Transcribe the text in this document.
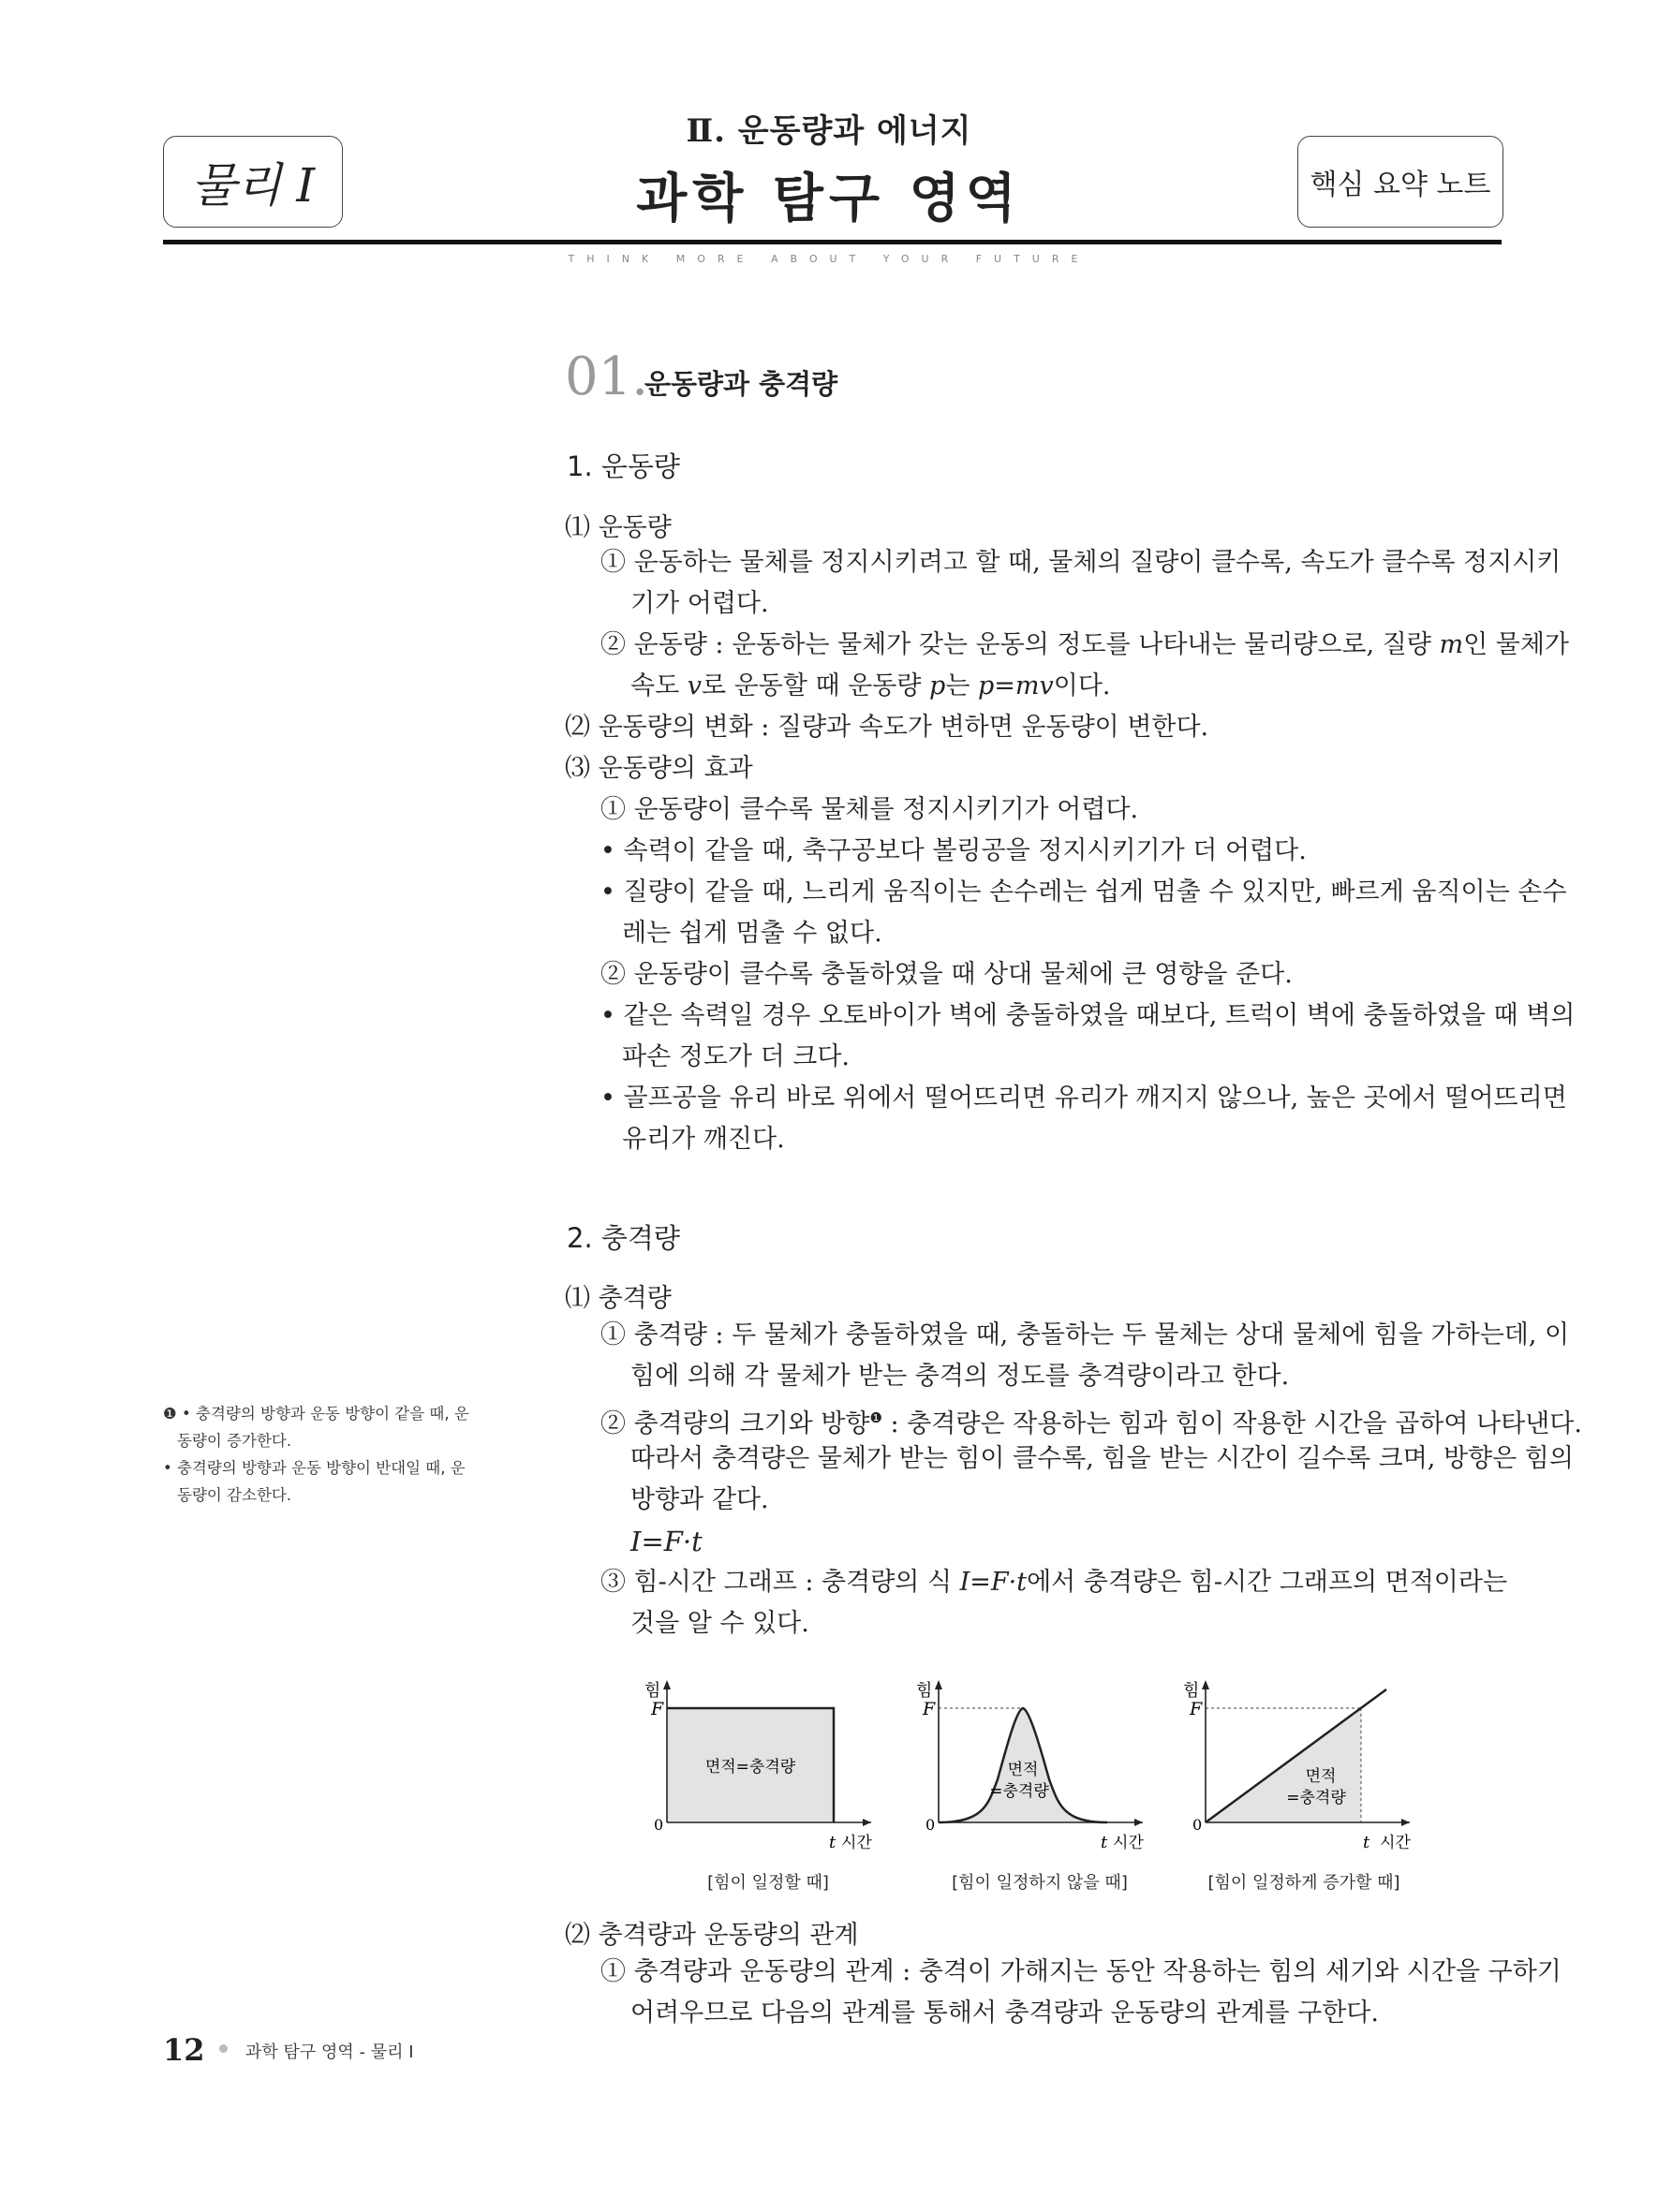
물리 I
Ⅱ. 운동량과 에너지
과학 탐구 영역	핵심 요약 노트
THINK MORE ABOUT YOUR FUTURE
01.
운동량과 충격량
1. 운동량
⑴ 운동량
① 운동하는 물체를 정지시키려고 할 때, 물체의 질량이 클수록, 속도가 클수록 정지시키
기가 어렵다.
② 운동량 : 운동하는 물체가 갖는 운동의 정도를 나타내는 물리량으로, 질량 m인 물체가
속도 v로 운동할 때 운동량 p는 p=mv이다.
⑵ 운동량의 변화 : 질량과 속도가 변하면 운동량이 변한다.
⑶ 운동량의 효과
① 운동량이 클수록 물체를 정지시키기가 어렵다.
• 속력이 같을 때, 축구공보다 볼링공을 정지시키기가 더 어렵다.
• 질량이 같을 때, 느리게 움직이는 손수레는 쉽게 멈출 수 있지만, 빠르게 움직이는 손수
레는 쉽게 멈출 수 없다.
② 운동량이 클수록 충돌하였을 때 상대 물체에 큰 영향을 준다.
• 같은 속력일 경우 오토바이가 벽에 충돌하였을 때보다, 트럭이 벽에 충돌하였을 때 벽의
파손 정도가 더 크다.
• 골프공을 유리 바로 위에서 떨어뜨리면 유리가 깨지지 않으나, 높은 곳에서 떨어뜨리면
유리가 깨진다.
2. 충격량
⑴ 충격량
① 충격량 : 두 물체가 충돌하였을 때, 충돌하는 두 물체는 상대 물체에 힘을 가하는데, 이
힘에 의해 각 물체가 받는 충격의 정도를 충격량이라고 한다.
② 충격량의 크기와 방향$^❶$ : 충격량은 작용하는 힘과 힘이 작용한 시간을 곱하여 나타낸다.
따라서 충격량은 물체가 받는 힘이 클수록, 힘을 받는 시간이 길수록 크며, 방향은 힘의
방향과 같다.
I=F·t
③ 힘-시간 그래프 : 충격량의 식 I=F·t에서 충격량은 힘-시간 그래프의 면적이라는
것을 알 수 있다.
❶ • 충격량의 방향과 운동 방향이 같을 때, 운
동량이 증가한다.
• 충격량의 방향과 운동 방향이 반대일 때, 운
동량이 감소한다.
힘
F
0
면적=충격량
t 시간
[힘이 일정할 때]
힘
F
0
면적
=충격량
t 시간
[힘이 일정하지 않을 때]
힘
F
0
면적
=충격량
t 시간
[힘이 일정하게 증가할 때]
⑵ 충격량과 운동량의 관계
① 충격량과 운동량의 관계 : 충격이 가해지는 동안 작용하는 힘의 세기와 시간을 구하기
어려우므로 다음의 관계를 통해서 충격량과 운동량의 관계를 구한다.
12 과학 탐구 영역 - 물리 Ⅰ
